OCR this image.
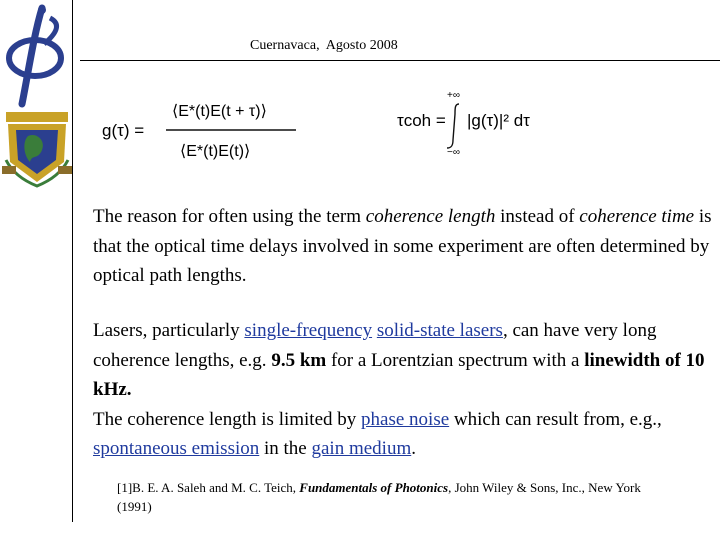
Cuernavaca,  Agosto 2008
g(τ) =
⟨E*(t)E(t + τ)⟩
⟨E*(t)E(t)⟩
τcoh =
+∞
−∞
|g(τ)|² dτ
The reason for often using the term coherence length instead of coherence time is that the optical time delays involved in some experiment are often determined by optical path lengths.
Lasers, particularly single-frequency solid-state lasers, can have very long coherence lengths, e.g. 9.5 km for a Lorentzian spectrum with a linewidth of 10 kHz.
The coherence length is limited by phase noise which can result from, e.g., spontaneous emission in the gain medium.
[1]B. E. A. Saleh and M. C. Teich, Fundamentals of Photonics, John Wiley & Sons, Inc., New York (1991)
